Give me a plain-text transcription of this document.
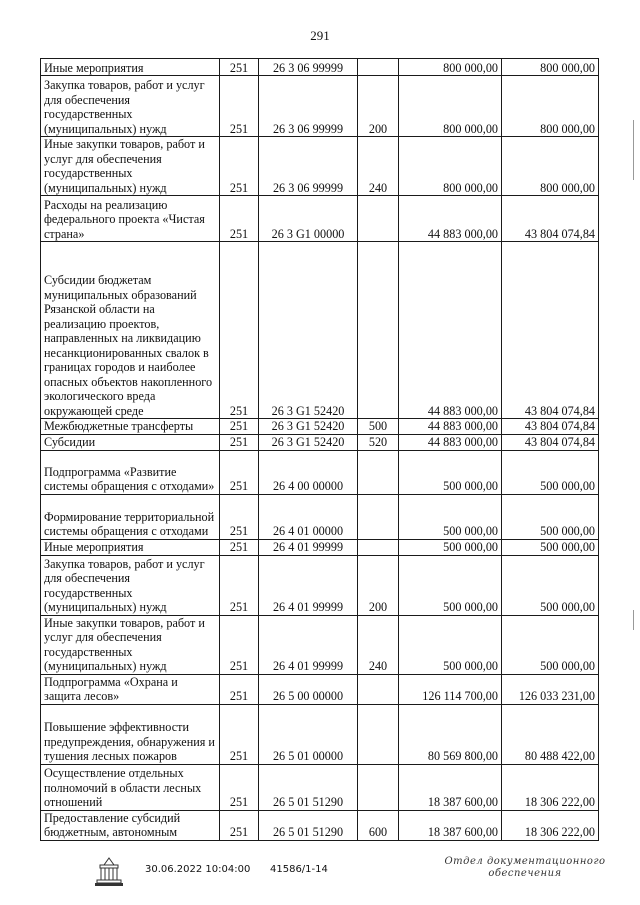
291
Иные мероприятия	251	26 3 06 99999		800 000,00	800 000,00
Закупка товаров, работ и услуг для обеспечения государственных (муниципальных) нужд	251	26 3 06 99999	200	800 000,00	800 000,00
Иные закупки товаров, работ и услуг для обеспечения государственных (муниципальных) нужд	251	26 3 06 99999	240	800 000,00	800 000,00
Расходы на реализацию федерального проекта «Чистая страна»	251	26 3 G1 00000		44 883 000,00	43 804 074,84
Субсидии бюджетам муниципальных образований Рязанской области на реализацию проектов, направленных на ликвидацию несанкционированных свалок в границах городов и наиболее опасных объектов накопленного экологического вреда окружающей среде	251	26 3 G1 52420		44 883 000,00	43 804 074,84
Межбюджетные трансферты	251	26 3 G1 52420	500	44 883 000,00	43 804 074,84
Субсидии	251	26 3 G1 52420	520	44 883 000,00	43 804 074,84
Подпрограмма «Развитие системы обращения с отходами»	251	26 4 00 00000		500 000,00	500 000,00
Формирование территориальной системы обращения с отходами	251	26 4 01 00000		500 000,00	500 000,00
Иные мероприятия	251	26 4 01 99999		500 000,00	500 000,00
Закупка товаров, работ и услуг для обеспечения государственных (муниципальных) нужд	251	26 4 01 99999	200	500 000,00	500 000,00
Иные закупки товаров, работ и услуг для обеспечения государственных (муниципальных) нужд	251	26 4 01 99999	240	500 000,00	500 000,00
Подпрограмма «Охрана и защита лесов»	251	26 5 00 00000		126 114 700,00	126 033 231,00
Повышение эффективности предупреждения, обнаружения и тушения лесных пожаров	251	26 5 01 00000		80 569 800,00	80 488 422,00
Осуществление отдельных полномочий в области лесных отношений	251	26 5 01 51290		18 387 600,00	18 306 222,00
Предоставление субсидий бюджетным, автономным	251	26 5 01 51290	600	18 387 600,00	18 306 222,00
30.06.2022 10:04:00 41586/1-14
Отдел документационного
обеспечения
